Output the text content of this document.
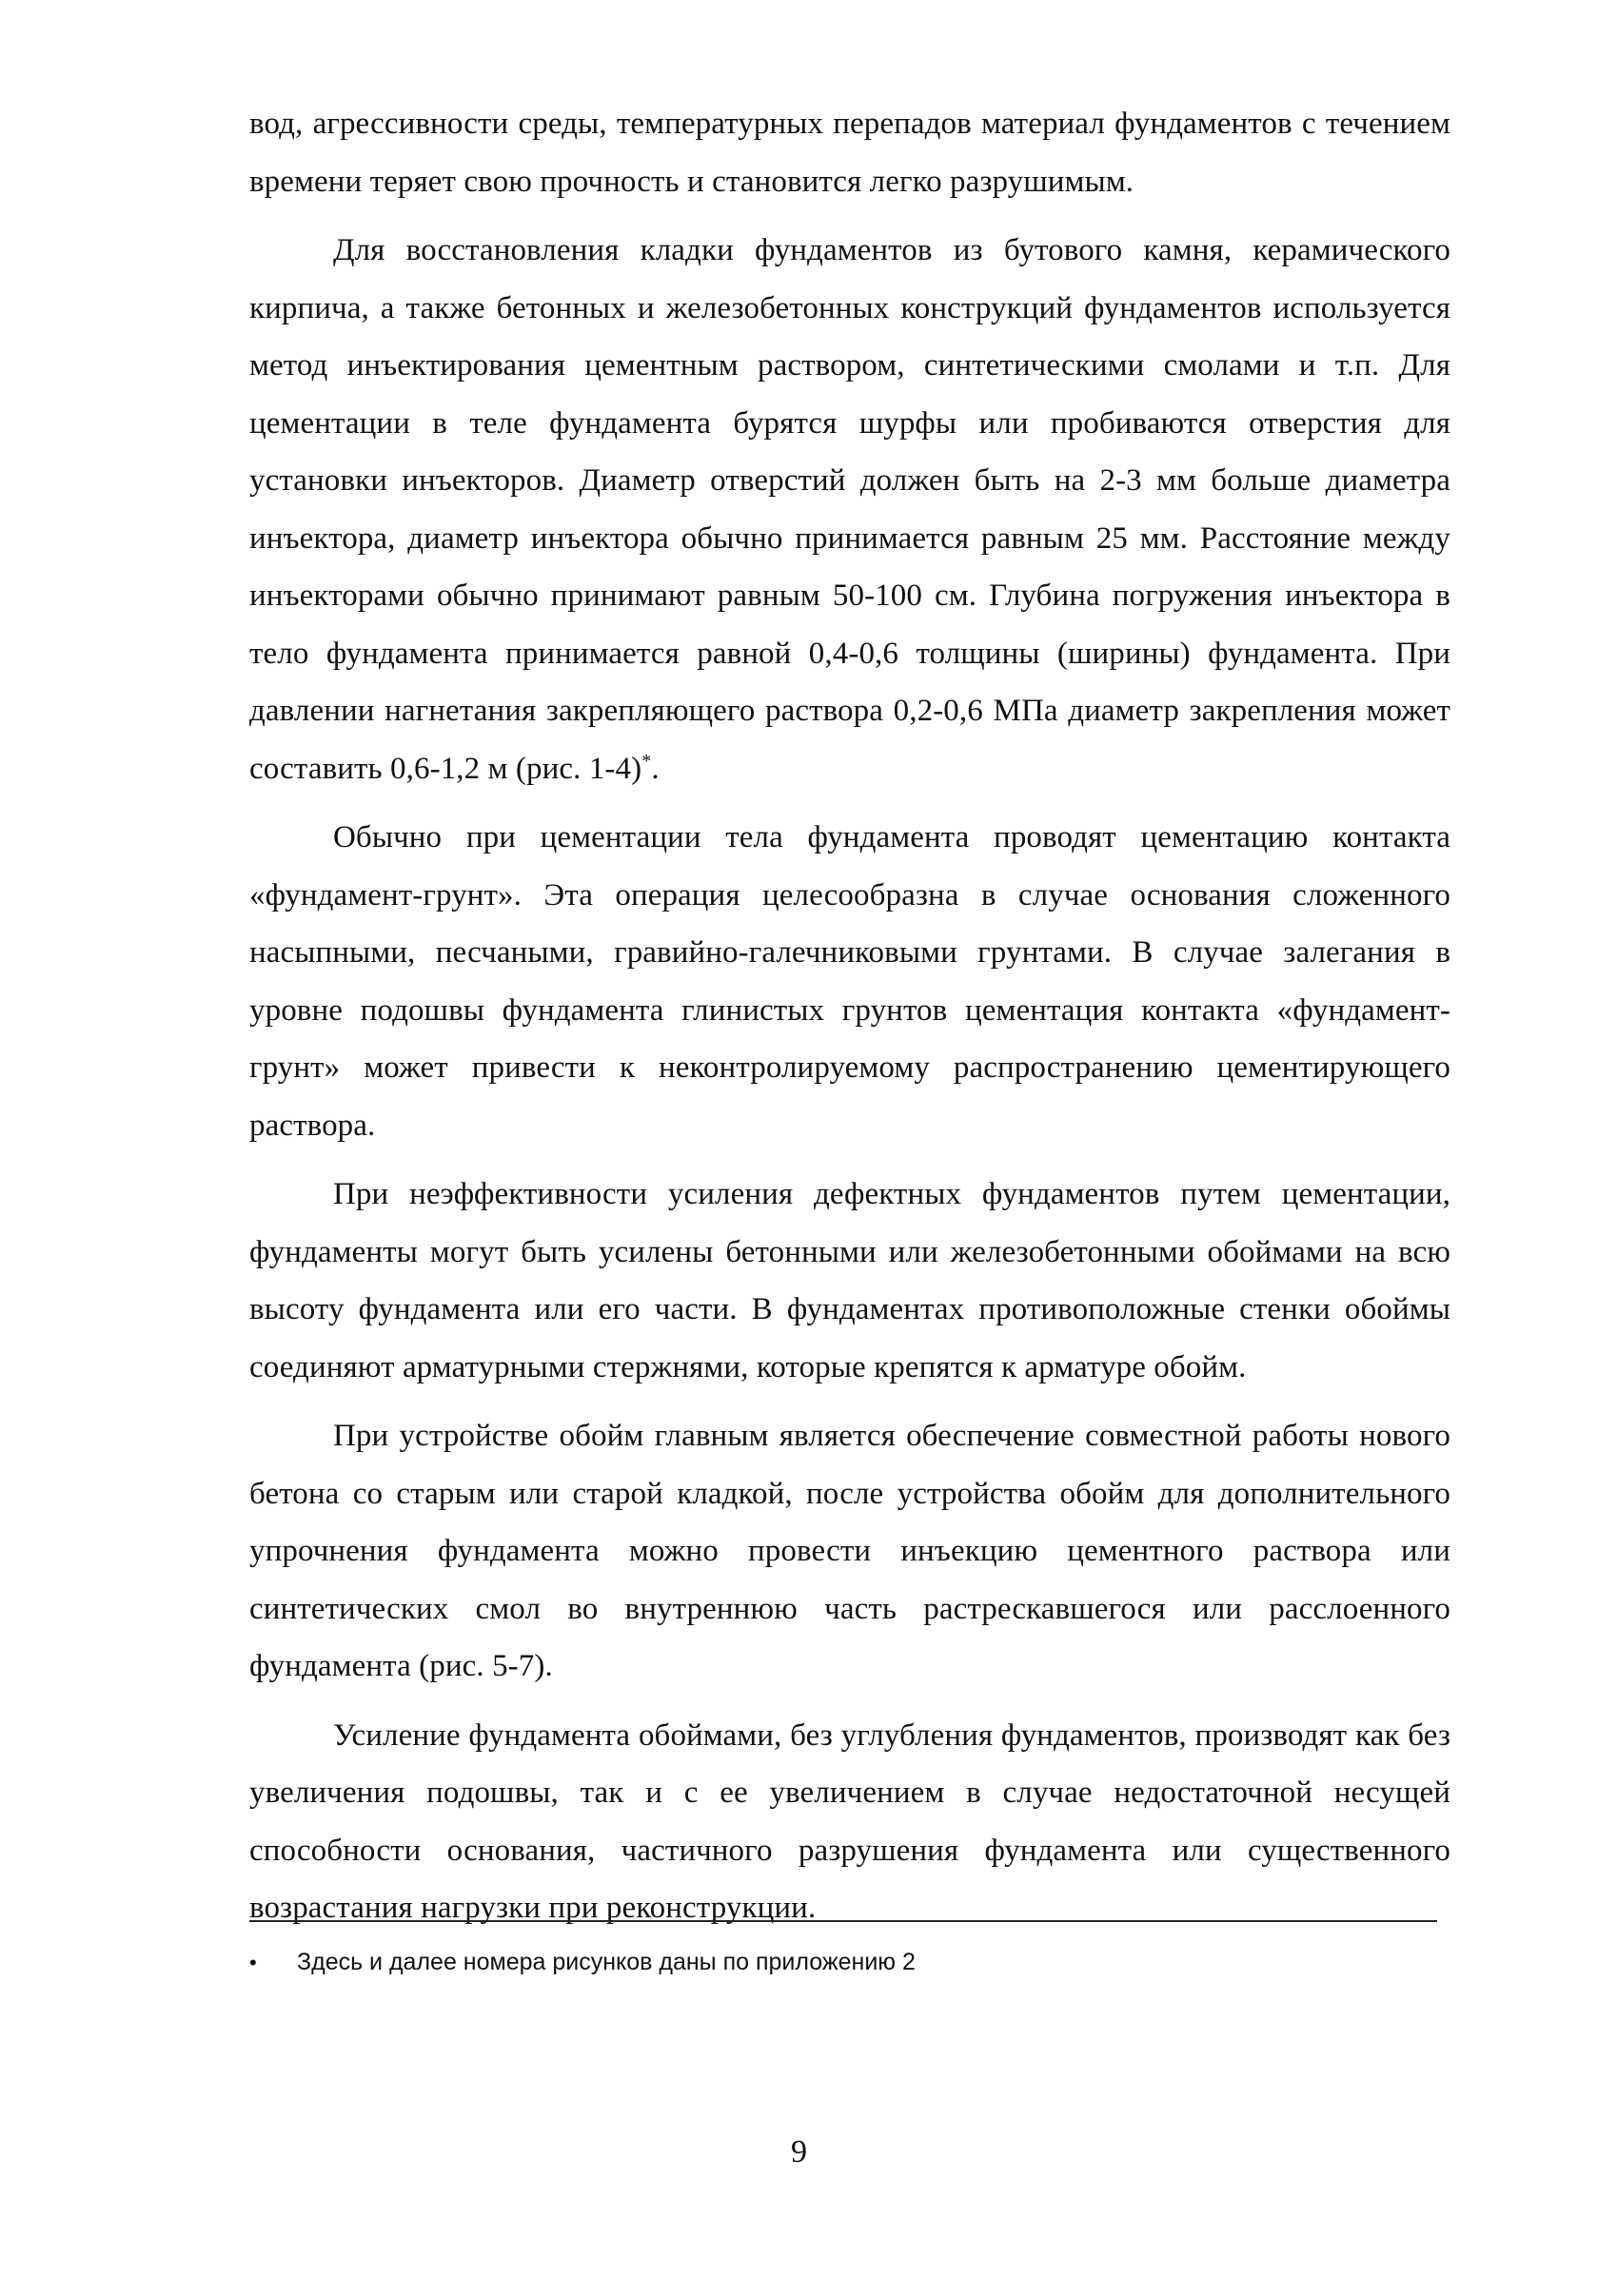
вод, агрессивности среды, температурных перепадов материал фундаментов с течением времени теряет свою прочность и становится легко разрушимым.

Для восстановления кладки фундаментов из бутового камня, керамического кирпича, а также бетонных и железобетонных конструкций фундаментов используется метод инъектирования цементным раствором, синтетическими смолами и т.п. Для цементации в теле фундамента бурятся шурфы или пробиваются отверстия для установки инъекторов. Диаметр отверстий должен быть на 2-3 мм больше диаметра инъектора, диаметр инъектора обычно принимается равным 25 мм. Расстояние между инъекторами обычно принимают равным 50-100 см. Глубина погружения инъектора в тело фундамента принимается равной 0,4-0,6 толщины (ширины) фундамента. При давлении нагнетания закрепляющего раствора 0,2-0,6 МПа диаметр закрепления может составить 0,6-1,2 м (рис. 1-4)*.

Обычно при цементации тела фундамента проводят цементацию контакта «фундамент-грунт». Эта операция целесообразна в случае основания сложенного насыпными, песчаными, гравийно-галечниковыми грунтами. В случае залегания в уровне подошвы фундамента глинистых грунтов цементация контакта «фундамент-грунт» может привести к неконтролируемому распространению цементирующего раствора.

При неэффективности усиления дефектных фундаментов путем цементации, фундаменты могут быть усилены бетонными или железобетонными обоймами на всю высоту фундамента или его части. В фундаментах противоположные стенки обоймы соединяют арматурными стержнями, которые крепятся к арматуре обойм.

При устройстве обойм главным является обеспечение совместной работы нового бетона со старым или старой кладкой, после устройства обойм для дополнительного упрочнения фундамента можно провести инъекцию цементного раствора или синтетических смол во внутреннюю часть растрескавшегося или расслоенного фундамента (рис. 5-7).

Усиление фундамента обоймами, без углубления фундаментов, производят как без увеличения подошвы, так и с ее увеличением в случае недостаточной несущей способности основания, частичного разрушения фундамента или существенного возрастания нагрузки при реконструкции.

• Здесь и далее номера рисунков даны по приложению 2
9
